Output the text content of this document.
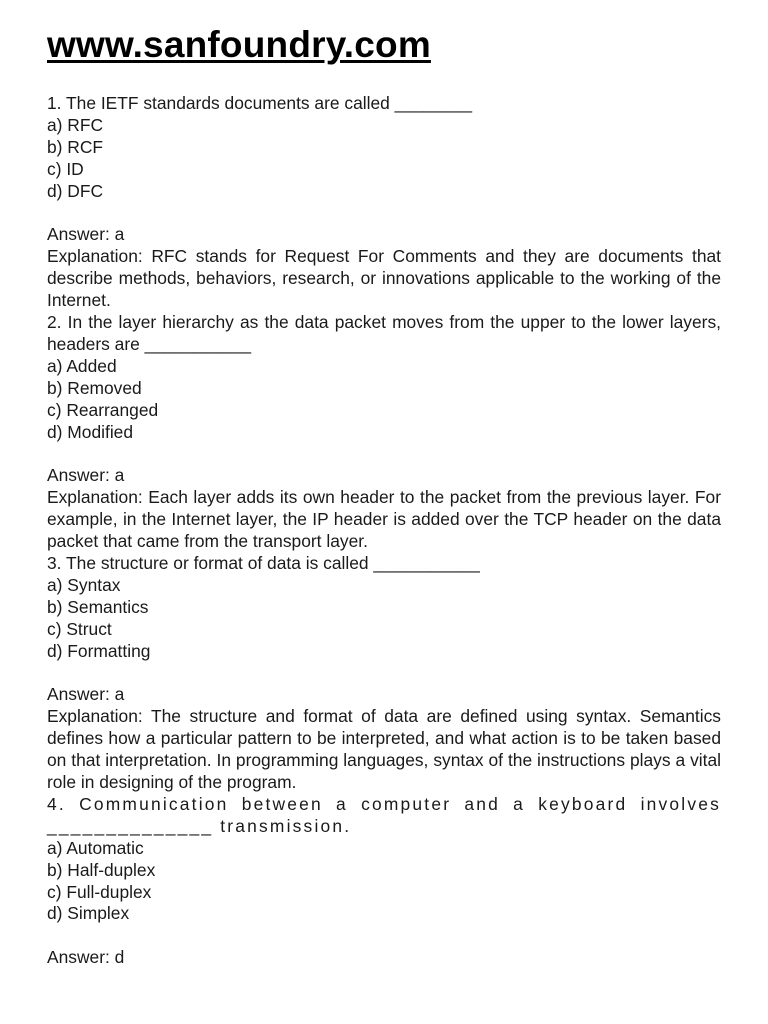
www.sanfoundry.com
1. The IETF standards documents are called ________
a) RFC
b) RCF
c) ID
d) DFC
Answer: a
Explanation: RFC stands for Request For Comments and they are documents that describe methods, behaviors, research, or innovations applicable to the working of the Internet.
2. In the layer hierarchy as the data packet moves from the upper to the lower layers, headers are ___________
a) Added
b) Removed
c) Rearranged
d) Modified
Answer: a
Explanation: Each layer adds its own header to the packet from the previous layer. For example, in the Internet layer, the IP header is added over the TCP header on the data packet that came from the transport layer.
3. The structure or format of data is called ___________
a) Syntax
b) Semantics
c) Struct
d) Formatting
Answer: a
Explanation: The structure and format of data are defined using syntax. Semantics defines how a particular pattern to be interpreted, and what action is to be taken based on that interpretation. In programming languages, syntax of the instructions plays a vital role in designing of the program.
4. Communication between a computer and a keyboard involves ______________ transmission.
a) Automatic
b) Half-duplex
c) Full-duplex
d) Simplex
Answer: d
